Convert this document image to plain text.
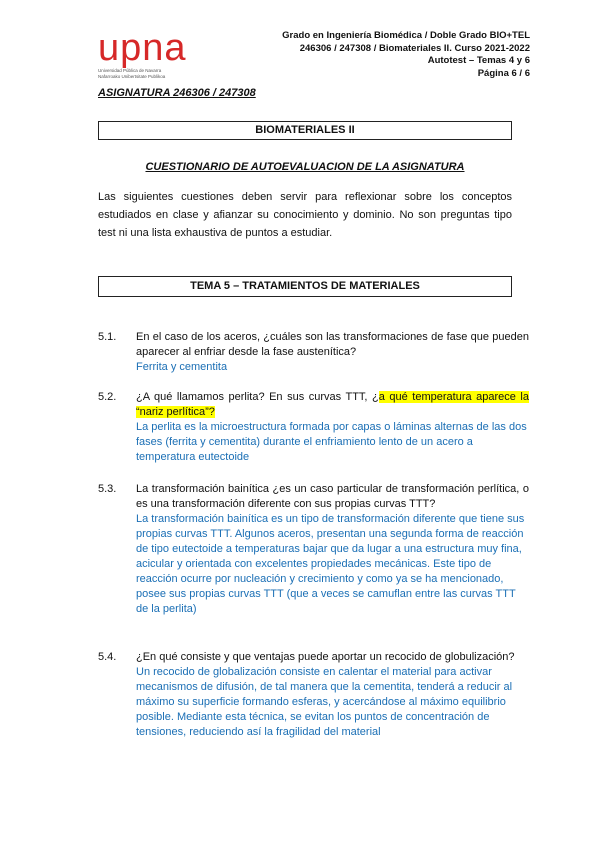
upna
Universidad Pública de Navarra
Nafarroako Unibertsitate Publikoa
Grado en Ingeniería Biomédica / Doble Grado BIO+TEL
246306 / 247308 / Biomateriales II. Curso 2021-2022
Autotest – Temas 4 y 6
Página 6 / 6
ASIGNATURA 246306 / 247308
BIOMATERIALES II
CUESTIONARIO DE AUTOEVALUACION DE LA ASIGNATURA
Las siguientes cuestiones deben servir para reflexionar sobre los conceptos estudiados en clase y afianzar su conocimiento y dominio. No son preguntas tipo test ni una lista exhaustiva de puntos a estudiar.
TEMA 5 – TRATAMIENTOS DE MATERIALES
5.1.	En el caso de los aceros, ¿cuáles son las transformaciones de fase que pueden aparecer al enfriar desde la fase austenítica?
Ferrita y cementita
5.2.	¿A qué llamamos perlita? En sus curvas TTT, ¿a qué temperatura aparece la “nariz perlítica”?
La perlita es la microestructura formada por capas o láminas alternas de las dos fases (ferrita y cementita) durante el enfriamiento lento de un acero a temperatura eutectoide
5.3.	La transformación bainítica ¿es un caso particular de transformación perlítica, o es una transformación diferente con sus propias curvas TTT?
La transformación bainítica es un tipo de transformación diferente que tiene sus propias curvas TTT. Algunos aceros, presentan una segunda forma de reacción de tipo eutectoide a temperaturas bajar que da lugar a una estructura muy fina, acicular y orientada con excelentes propiedades mecánicas. Este tipo de reacción ocurre por nucleación y crecimiento y como ya se ha mencionado, posee sus propias curvas TTT (que a veces se camuflan entre las curvas TTT de la perlita)
5.4.	¿En qué consiste y que ventajas puede aportar un recocido de globulización?
Un recocido de globalización consiste en calentar el material para activar mecanismos de difusión, de tal manera que la cementita, tenderá a reducir al máximo su superficie formando esferas, y acercándose al máximo equilibrio posible. Mediante esta técnica, se evitan los puntos de concentración de tensiones, reduciendo así la fragilidad del material
